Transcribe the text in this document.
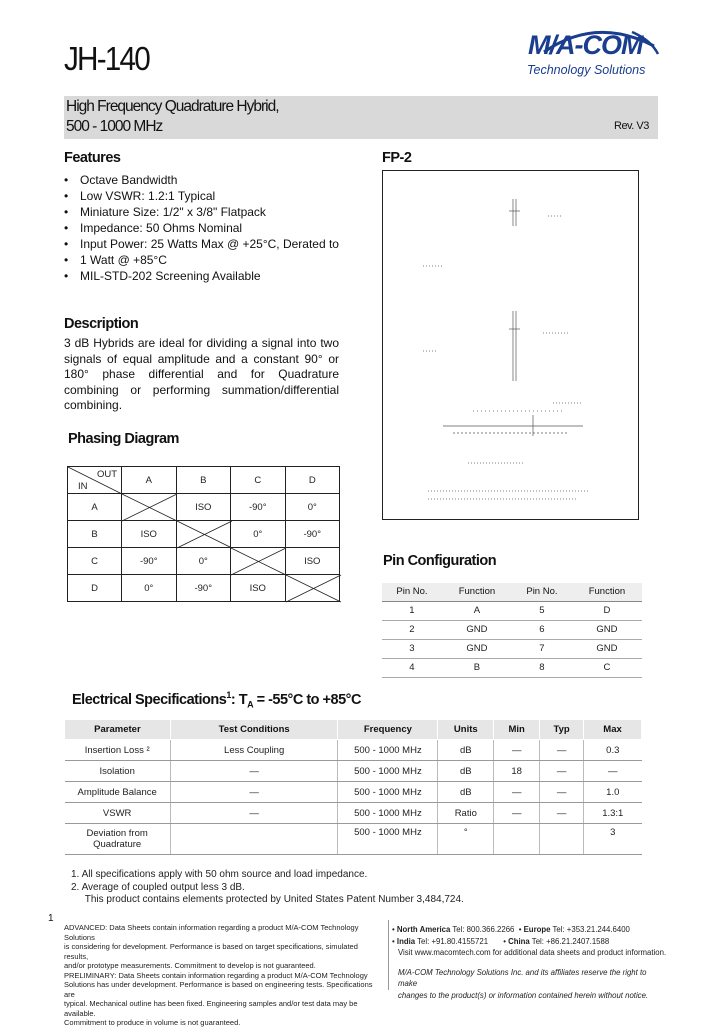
JH-140	M/A-COM
Technology Solutions
High Frequency Quadrature Hybrid,
500 - 1000 MHz	Rev. V3
Features
• Octave Bandwidth
• Low VSWR: 1.2:1 Typical
• Miniature Size: 1/2" x 3/8" Flatpack
• Impedance: 50 Ohms Nominal
• Input Power: 25 Watts Max @ +25°C, Derated to
• 1 Watt @ +85°C
• MIL-STD-202 Screening Available
Description

3 dB Hybrids are ideal for dividing a signal into two signals of equal amplitude and a constant 90° or 180° phase differential and for Quadrature combining or performing summation/differential combining.

FP-2
Phasing Diagram
OUT
IN	A	B	C	D
A		ISO	-90°	0°
B	ISO		0°	-90°
C	-90°	0°		ISO
D	0°	-90°	ISO	
Pin Configuration
Pin No.	Function	Pin No.	Function
1	A	5	D
2	GND	6	GND
3	GND	7	GND
4	B	8	C
Electrical Specifications$^1$: $T_A = -55^\circ C$ to +85°C
Parameter	Test Conditions	Frequency	Units	Min	Typ	Max
Insertion Loss ²	Less Coupling	500 - 1000 MHz	dB	—	—	0.3
Isolation	—	500 - 1000 MHz	dB	18	—	—
Amplitude Balance	—	500 - 1000 MHz	dB	—	—	1.0
VSWR	—	500 - 1000 MHz	Ratio	—	—	1.3:1
Deviation from Quadrature		500 - 1000 MHz	°			3
1. All specifications apply with 50 ohm source and load impedance.
2. Average of coupled output less 3 dB.
This product contains elements protected by United States Patent Number 3,484,724.
1
ADVANCED: Data Sheets contain information regarding a product M/A-COM Technology Solutions
is considering for development. Performance is based on target specifications, simulated results,
and/or prototype measurements. Commitment to develop is not guaranteed.
PRELIMINARY: Data Sheets contain information regarding a product M/A-COM Technology
Solutions has under development. Performance is based on engineering tests. Specifications are
typical. Mechanical outline has been fixed. Engineering samples and/or test data may be available.
Commitment to produce in volume is not guaranteed.
• North America Tel: 800.366.2266  • Europe Tel: +353.21.244.6400
• India Tel: +91.80.4155721       • China Tel: +86.21.2407.1588
Visit www.macomtech.com for additional data sheets and product information.
M/A-COM Technology Solutions Inc. and its affiliates reserve the right to make
changes to the product(s) or information contained herein without notice.
